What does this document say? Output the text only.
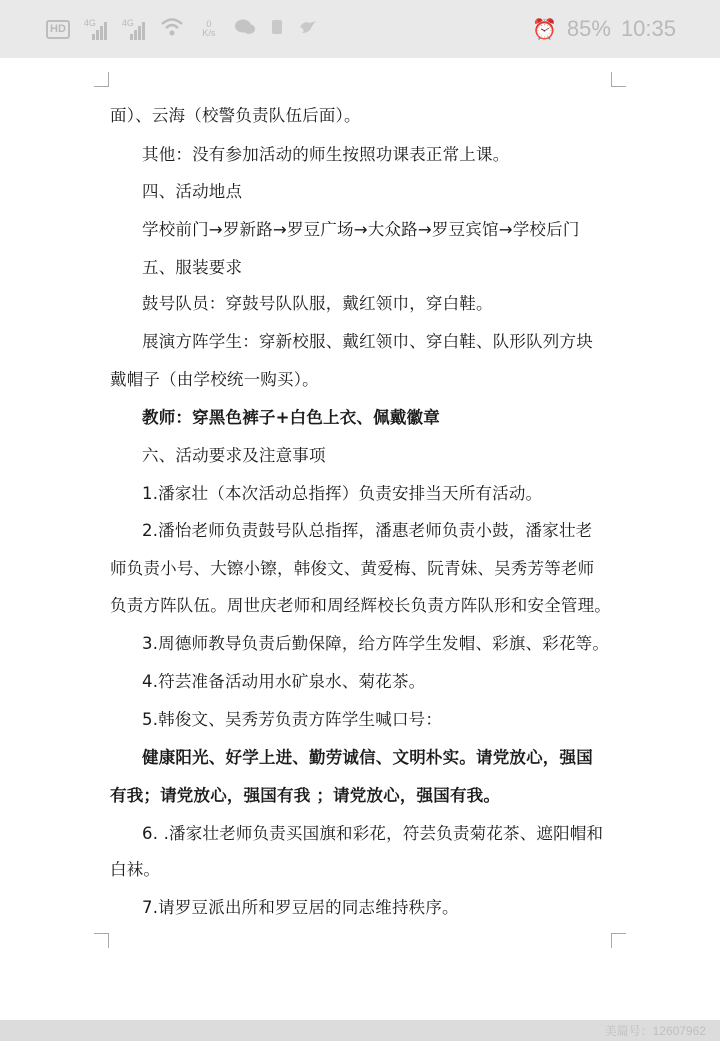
HD	4G	4G	0
K/s	⏰ 85% 10:35
面）、云海（校警负责队伍后面）。
其他：没有参加活动的师生按照功课表正常上课。
四、活动地点
学校前门→罗新路→罗豆广场→大众路→罗豆宾馆→学校后门
五、服装要求
鼓号队员：穿鼓号队队服，戴红领巾，穿白鞋。
展演方阵学生：穿新校服、戴红领巾、穿白鞋、队形队列方块
戴帽子（由学校统一购买）。
教师：穿黑色裤子+白色上衣、佩戴徽章
六、活动要求及注意事项
1.潘家壮（本次活动总指挥）负责安排当天所有活动。
2.潘怡老师负责鼓号队总指挥，潘惠老师负责小鼓，潘家壮老
师负责小号、大镲小镲，韩俊文、黄爱梅、阮青妹、吴秀芳等老师
负责方阵队伍。周世庆老师和周经辉校长负责方阵队形和安全管理。
3.周德师教导负责后勤保障，给方阵学生发帽、彩旗、彩花等。
4.符芸准备活动用水矿泉水、菊花茶。
5.韩俊文、吴秀芳负责方阵学生喊口号：
健康阳光、好学上进、勤劳诚信、文明朴实。请党放心，强国
有我；请党放心，强国有我 ；请党放心，强国有我。
6. .潘家壮老师负责买国旗和彩花，符芸负责菊花茶、遮阳帽和
白袜。
7.请罗豆派出所和罗豆居的同志维持秩序。
美篇号：12607962
